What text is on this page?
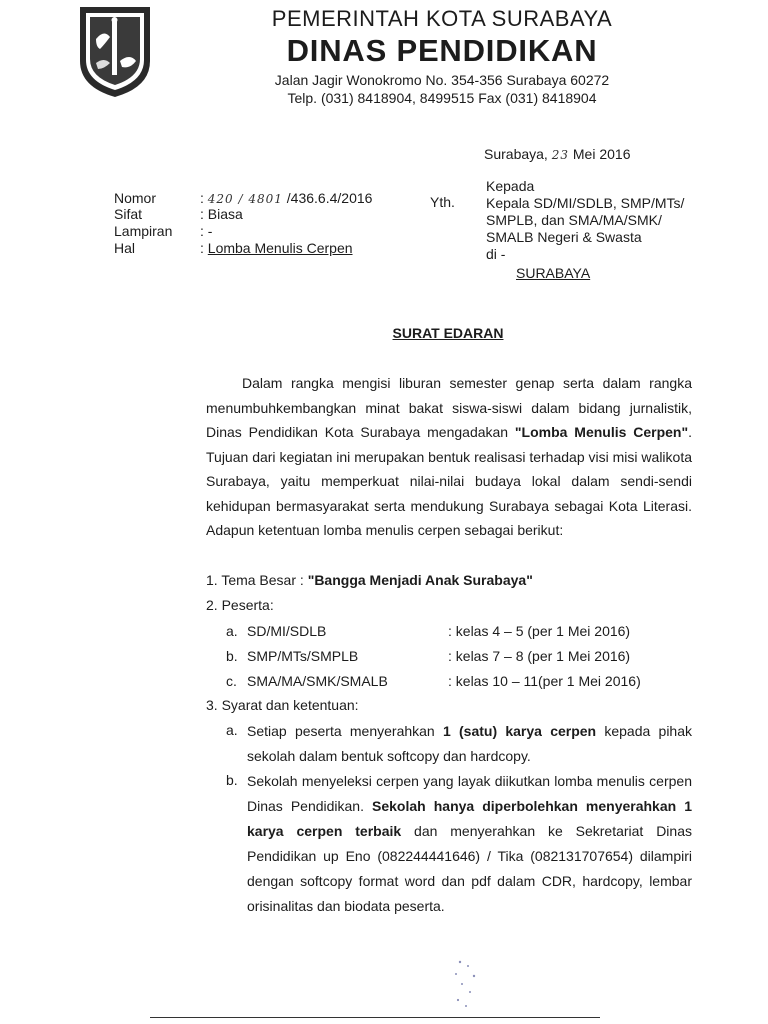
PEMERINTAH KOTA SURABAYA
DINAS PENDIDIKAN
Jalan Jagir Wonokromo No. 354-356 Surabaya 60272
Telp. (031) 8418904, 8499515 Fax (031) 8418904
Surabaya, 23 Mei 2016
Nomor	: 420 / 4801 /436.6.4/2016
Sifat	: Biasa
Lampiran : -
Hal	: Lomba Menulis Cerpen
Yth.
Kepada
Kepala SD/MI/SDLB, SMP/MTs/
SMPLB, dan SMA/MA/SMK/
SMALB Negeri & Swasta
di -
SURABAYA
SURAT EDARAN
Dalam rangka mengisi liburan semester genap serta dalam rangka menumbuhkembangkan minat bakat siswa-siswi dalam bidang jurnalistik, Dinas Pendidikan Kota Surabaya mengadakan "Lomba Menulis Cerpen". Tujuan dari kegiatan ini merupakan bentuk realisasi terhadap visi misi walikota Surabaya, yaitu memperkuat nilai-nilai budaya lokal dalam sendi-sendi kehidupan bermasyarakat serta mendukung Surabaya sebagai Kota Literasi. Adapun ketentuan lomba menulis cerpen sebagai berikut:
1. Tema Besar : "Bangga Menjadi Anak Surabaya"
2. Peserta:
a. SD/MI/SDLB	: kelas 4 – 5 (per 1 Mei 2016)
b. SMP/MTs/SMPLB	: kelas 7 – 8 (per 1 Mei 2016)
c. SMA/MA/SMK/SMALB	: kelas 10 – 11(per 1 Mei 2016)
3. Syarat dan ketentuan:
a. Setiap peserta menyerahkan 1 (satu) karya cerpen kepada pihak sekolah dalam bentuk softcopy dan hardcopy.
b. Sekolah menyeleksi cerpen yang layak diikutkan lomba menulis cerpen Dinas Pendidikan. Sekolah hanya diperbolehkan menyerahkan 1 karya cerpen terbaik dan menyerahkan ke Sekretariat Dinas Pendidikan up Eno (082244441646) / Tika (082131707654) dilampiri dengan softcopy format word dan pdf dalam CDR, hardcopy, lembar orisinalitas dan biodata peserta.
